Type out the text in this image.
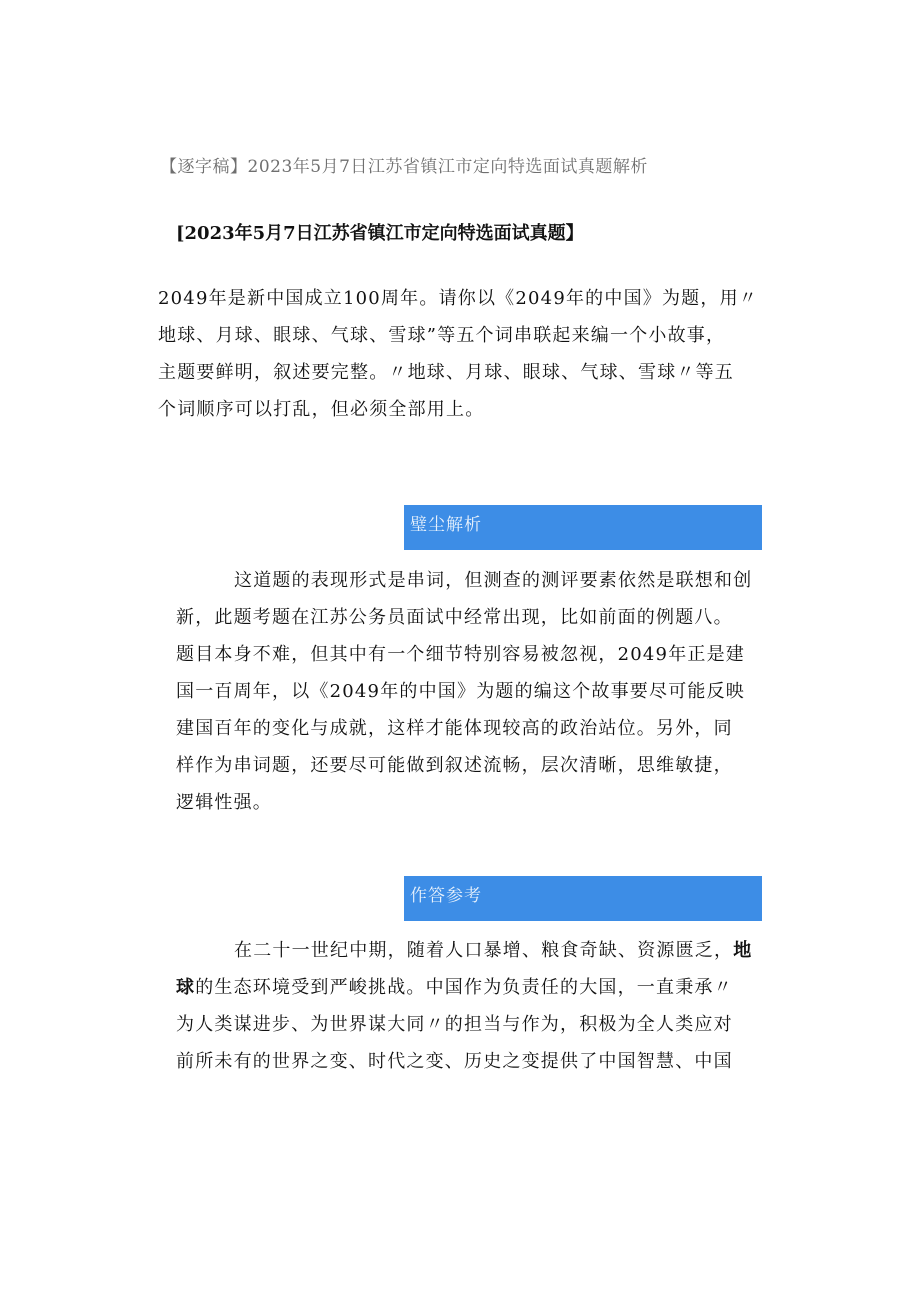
【逐字稿】2023年5月7日江苏省镇江市定向特选面试真题解析
[2023年5月7日江苏省镇江市定向特选面试真题】
2049年是新中国成立100周年。请你以《2049年的中国》为题，用〃
地球、月球、眼球、气球、雪球”等五个词串联起来编一个小故事，
主题要鲜明，叙述要完整。〃地球、月球、眼球、气球、雪球〃等五
个词顺序可以打乱，但必须全部用上。
璧尘解析
这道题的表现形式是串词，但测查的测评要素依然是联想和创
新，此题考题在江苏公务员面试中经常出现，比如前面的例题八。
题目本身不难，但其中有一个细节特别容易被忽视，2049年正是建
国一百周年，以《2049年的中国》为题的编这个故事要尽可能反映
建国百年的变化与成就，这样才能体现较高的政治站位。另外，同
样作为串词题，还要尽可能做到叙述流畅，层次清晰，思维敏捷，
逻辑性强。
作答参考
在二十一世纪中期，随着人口暴增、粮食奇缺、资源匮乏，地
球的生态环境受到严峻挑战。中国作为负责任的大国，一直秉承〃
为人类谋进步、为世界谋大同〃的担当与作为，积极为全人类应对
前所未有的世界之变、时代之变、历史之变提供了中国智慧、中国
